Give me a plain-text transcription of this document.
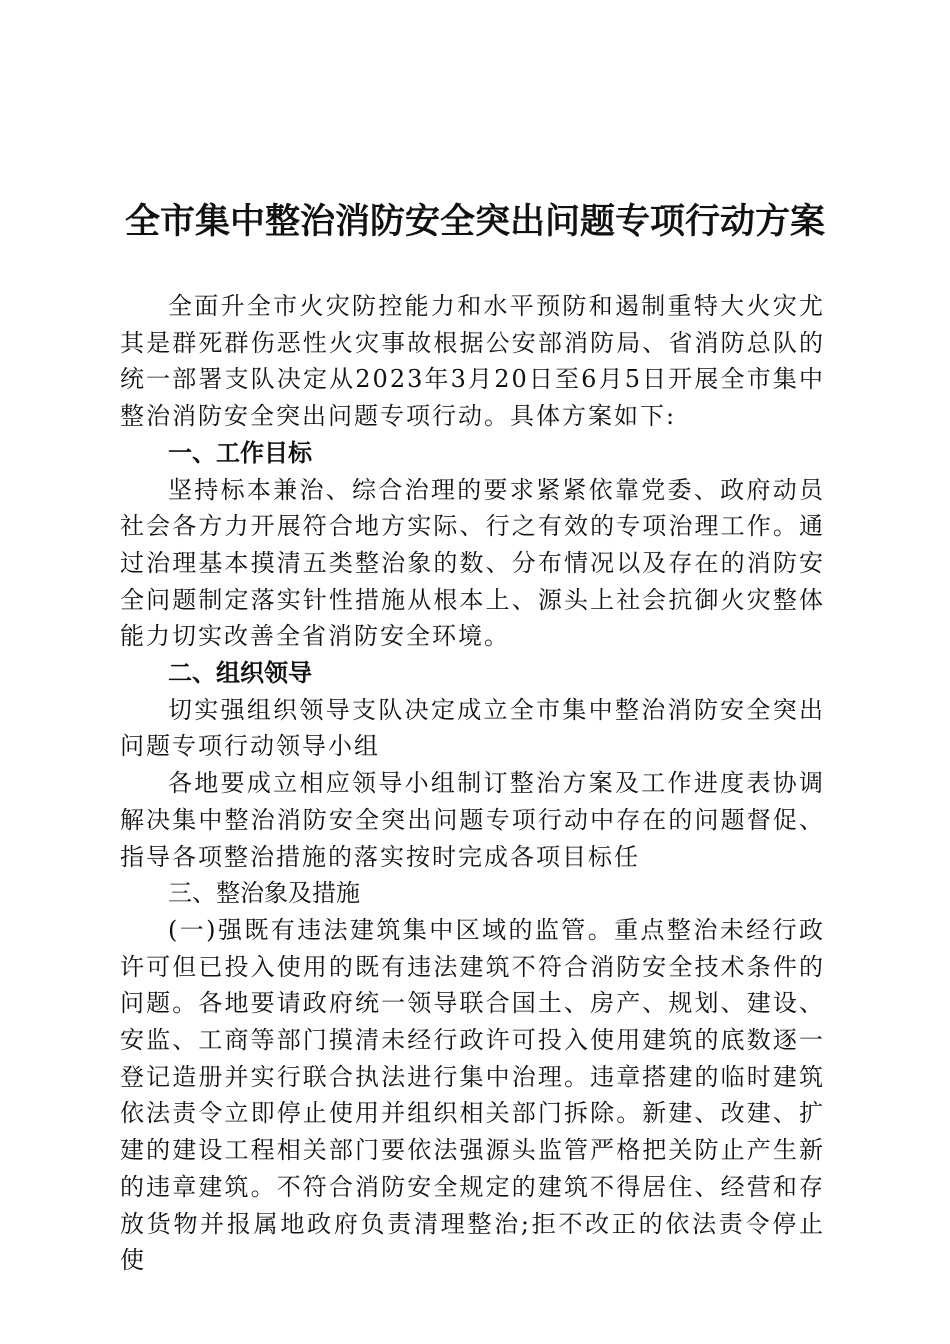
全市集中整治消防安全突出问题专项行动方案

全面升全市火灾防控能力和水平预防和遏制重特大火灾尤其是群死群伤恶性火灾事故根据公安部消防局、省消防总队的统一部署支队决定从2023年3月20日至6月5日开展全市集中整治消防安全突出问题专项行动。具体方案如下:

一、工作目标

坚持标本兼治、综合治理的要求紧紧依靠党委、政府动员社会各方力开展符合地方实际、行之有效的专项治理工作。通过治理基本摸清五类整治象的数、分布情况以及存在的消防安全问题制定落实针性措施从根本上、源头上社会抗御火灾整体能力切实改善全省消防安全环境。

二、组织领导

切实强组织领导支队决定成立全市集中整治消防安全突出问题专项行动领导小组

各地要成立相应领导小组制订整治方案及工作进度表协调解决集中整治消防安全突出问题专项行动中存在的问题督促、指导各项整治措施的落实按时完成各项目标任

三、整治象及措施

(一)强既有违法建筑集中区域的监管。重点整治未经行政许可但已投入使用的既有违法建筑不符合消防安全技术条件的问题。各地要请政府统一领导联合国土、房产、规划、建设、安监、工商等部门摸清未经行政许可投入使用建筑的底数逐一登记造册并实行联合执法进行集中治理。违章搭建的临时建筑依法责令立即停止使用并组织相关部门拆除。新建、改建、扩建的建设工程相关部门要依法强源头监管严格把关防止产生新的违章建筑。不符合消防安全规定的建筑不得居住、经营和存放货物并报属地政府负责清理整治;拒不改正的依法责令停止使
